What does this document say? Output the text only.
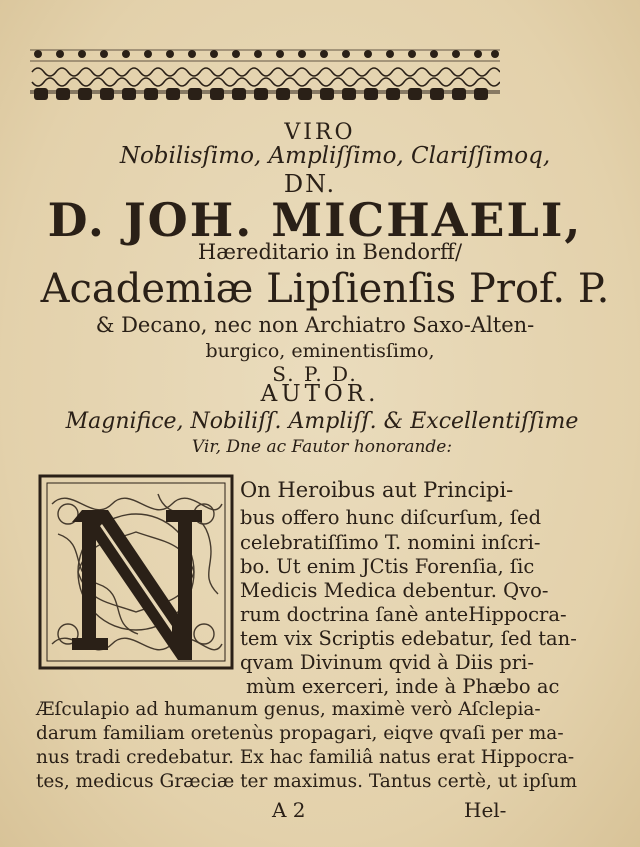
VIRO
Nobilisſimo, Ampliſſimo, Clariſſimoq,
DN.
D. JOH. MICHAELI,
Hæreditario in Bendorff/
Academiæ Lipſienſis Prof. P.
& Decano, nec non Archiatro Saxo-Alten-
burgico, eminentisſimo,
S. P. D.
AUTOR.
Magnifice, Nobiliſſ. Ampliſſ. & Excellentiſſime
Vir, Dne ac Fautor honorande:
On Heroibus aut Principi-
bus offero hunc diſcurſum, ſed
celebratiſſimo T. nomini inſcri-
bo. Ut enim JCtis Forenſia, ſic
Medicis Medica debentur. Qvo-
rum doctrina ſanè anteHippocra-
tem vix Scriptis edebatur, ſed tan-
qvam Divinum qvid à Diis pri-
mùm exerceri, inde à Phæbo ac
Æſculapio ad humanum genus, maximè verò Aſclepia-
darum familiam oretenùs propagari, eiqve qvaſi per ma-
nus tradi credebatur. Ex hac familiâ natus erat Hippocra-
tes, medicus Græciæ ter maximus. Tantus certè, ut ipſum
A 2	Hel-
